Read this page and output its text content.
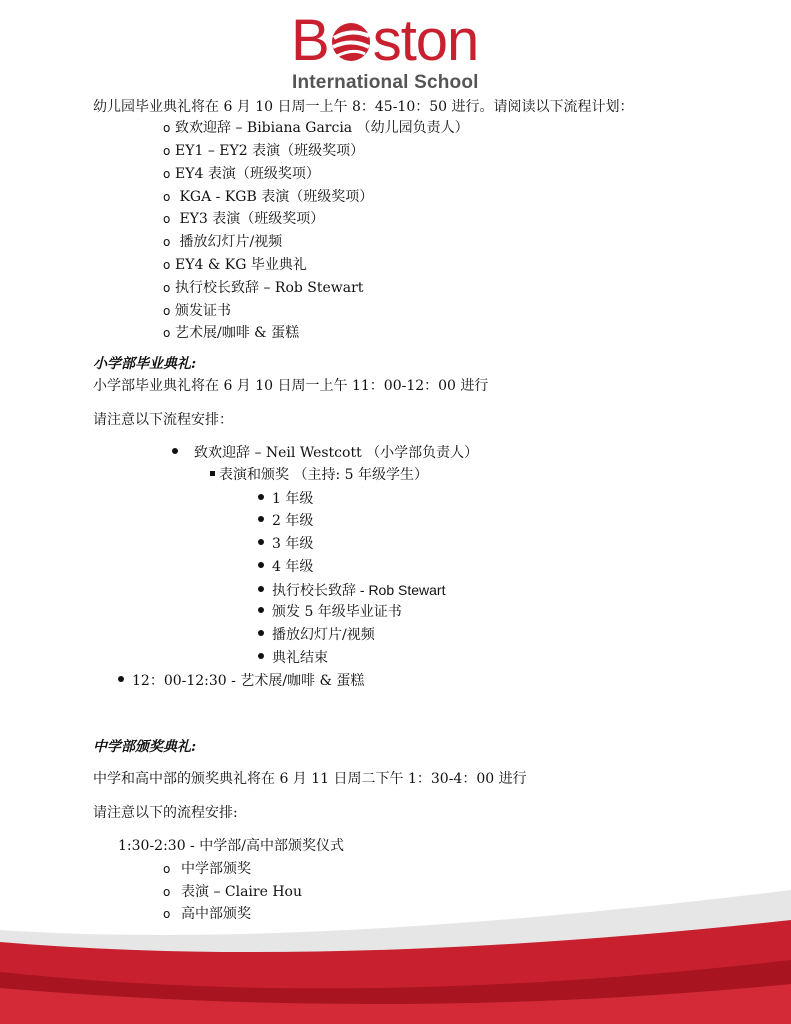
B ston
International School
幼儿园毕业典礼将在 6 月 10 日周一上午 8：45-10：50 进行。请阅读以下流程计划：
o 致欢迎辞 – Bibiana Garcia （幼儿园负责人）
o EY1 – EY2 表演（班级奖项）
o EY4 表演（班级奖项）
o KGA - KGB 表演（班级奖项）
o EY3 表演（班级奖项）
o 播放幻灯片/视频
o EY4 & KG 毕业典礼
o 执行校长致辞 – Rob Stewart
o 颁发证书
o 艺术展/咖啡 & 蛋糕
小学部毕业典礼:
小学部毕业典礼将在 6 月 10 日周一上午 11：00-12：00 进行
请注意以下流程安排：
致欢迎辞 – Neil Westcott （小学部负责人）
表演和颁奖 （主持: 5 年级学生）
1 年级
2 年级
3 年级
4 年级
执行校长致辞 - Rob Stewart
颁发 5 年级毕业证书
播放幻灯片/视频
典礼结束
12：00-12:30 - 艺术展/咖啡 & 蛋糕
中学部颁奖典礼:
中学和高中部的颁奖典礼将在 6 月 11 日周二下午 1：30-4：00 进行
请注意以下的流程安排:
1:30-2:30 - 中学部/高中部颁奖仪式
o 中学部颁奖
o 表演 – Claire Hou
o 高中部颁奖
